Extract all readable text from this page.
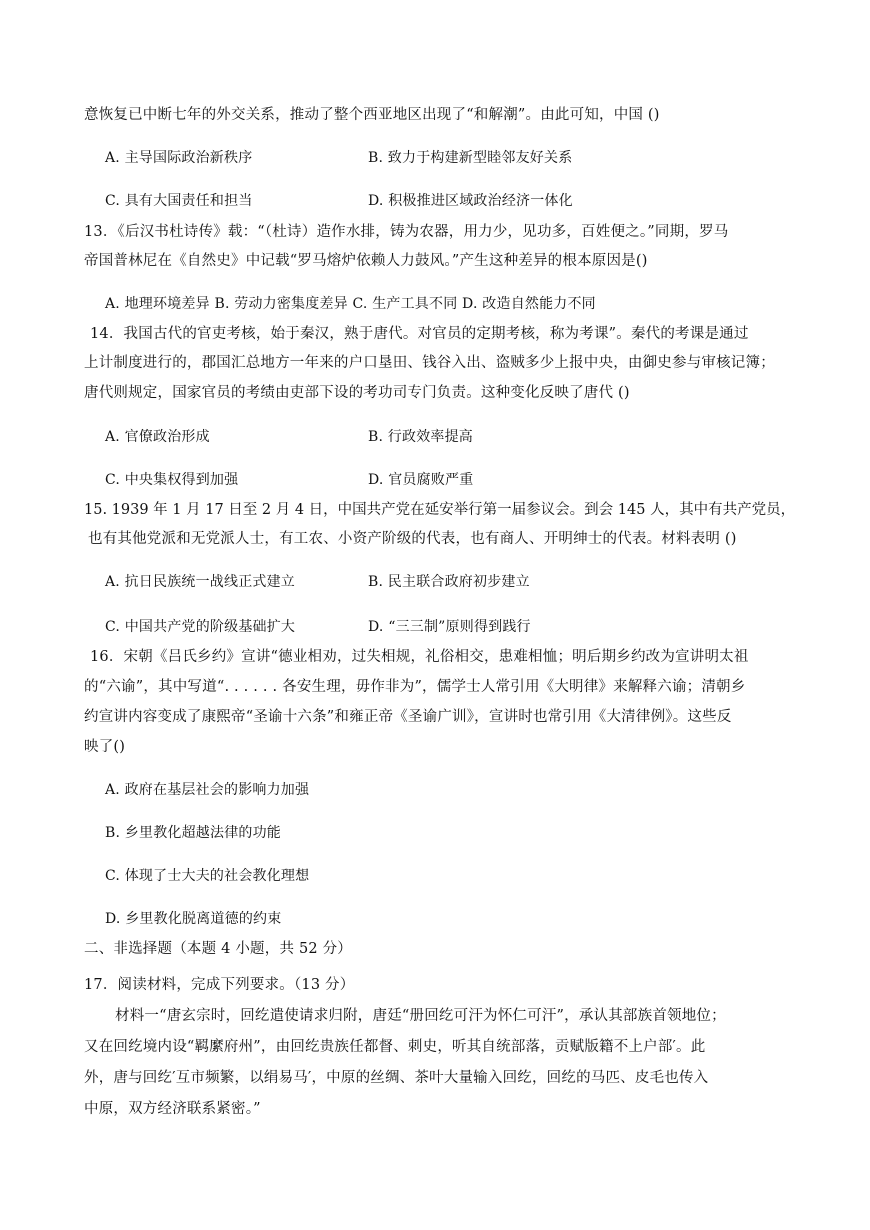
意恢复已中断七年的外交关系，推动了整个西亚地区出现了“和解潮”。由此可知，中国 ()
A. 主导国际政治新秩序	B. 致力于构建新型睦邻友好关系
C. 具有大国责任和担当	D. 积极推进区域政治经济一体化
13．《后汉书杜诗传》载：“（杜诗）造作水排，铸为农器，用力少，见功多，百姓便之。”同期，罗马
帝国普林尼在《自然史》中记载“罗马熔炉依赖人力鼓风。”产生这种差异的根本原因是()
A. 地理环境差异 B. 劳动力密集度差异 C. 生产工具不同 D. 改造自然能力不同
14．我国古代的官吏考核，始于秦汉，熟于唐代。对官员的定期考核，称为考课”。秦代的考课是通过
上计制度进行的，郡国汇总地方一年来的户口垦田、钱谷入出、盗贼多少上报中央，由御史参与审核记簿；
唐代则规定，国家官员的考绩由吏部下设的考功司专门负责。这种变化反映了唐代 ()
A. 官僚政治形成	B. 行政效率提高
C. 中央集权得到加强	D. 官员腐败严重
15. 1939 年 1 月 17 日至 2 月 4 日，中国共产党在延安举行第一届参议会。到会 145 人，其中有共产党员，
也有其他党派和无党派人士，有工农、小资产阶级的代表，也有商人、开明绅士的代表。材料表明 ()
A. 抗日民族统一战线正式建立	B. 民主联合政府初步建立
C. 中国共产党的阶级基础扩大	D. “三三制”原则得到践行
16．宋朝《吕氏乡约》宣讲“德业相劝，过失相规，礼俗相交，患难相恤；明后期乡约改为宣讲明太祖
的“六谕”，其中写道“. . . . . . 各安生理，毋作非为”，儒学士人常引用《大明律》来解释六谕；清朝乡
约宣讲内容变成了康熙帝“圣谕十六条”和雍正帝《圣谕广训》，宣讲时也常引用《大清律例》。这些反
映了()
A. 政府在基层社会的影响力加强
B. 乡里教化超越法律的功能
C. 体现了士大夫的社会教化理想
D. 乡里教化脱离道德的约束
二、非选择题（本题 4 小题，共 52 分）
17．阅读材料，完成下列要求。（13 分）
材料一“唐玄宗时，回纥遣使请求归附，唐廷“册回纥可汗为怀仁可汗”，承认其部族首领地位；
又在回纥境内设“羁縻府州”，由回纥贵族任都督、刺史，听其自统部落，贡赋版籍不上户部′。此
外，唐与回纥′互市频繁，以绢易马′，中原的丝绸、茶叶大量输入回纥，回纥的马匹、皮毛也传入
中原，双方经济联系紧密。”
